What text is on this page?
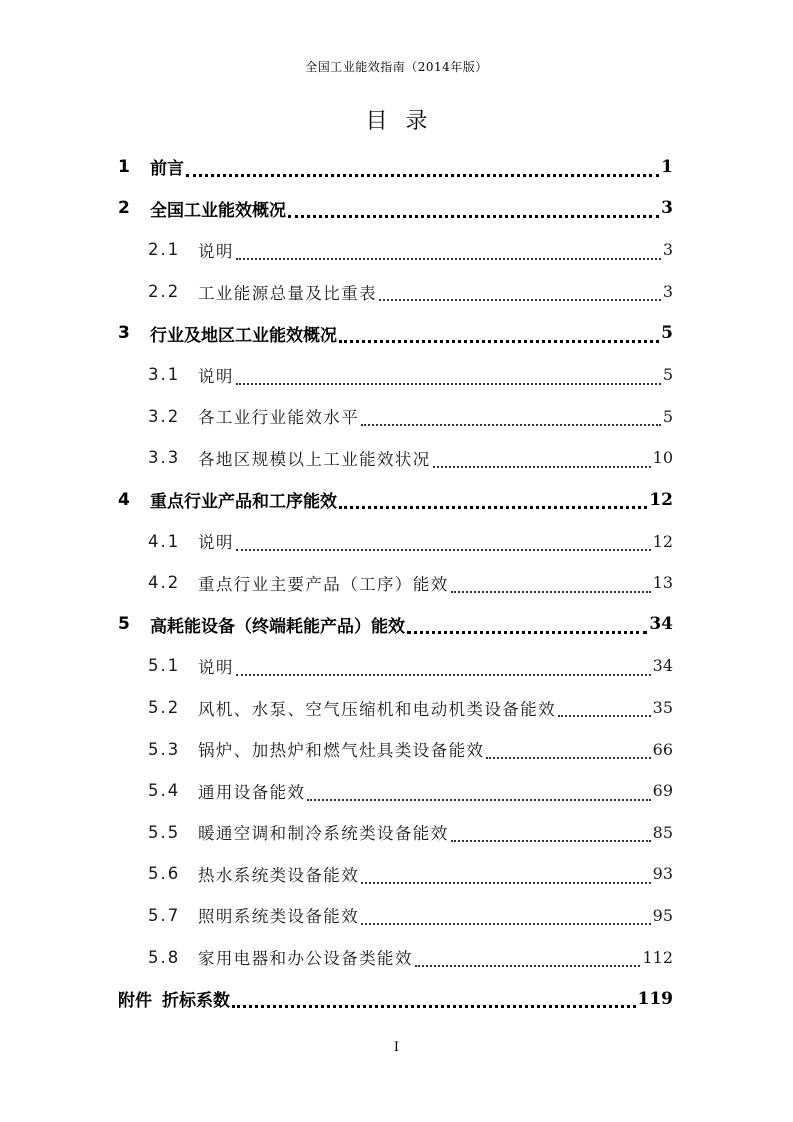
全国工业能效指南（2014年版）
目录
1	前言	1
2	全国工业能效概况	3
2.1	说明	3
2.2	工业能源总量及比重表	3
3	行业及地区工业能效概况	5
3.1	说明	5
3.2	各工业行业能效水平	5
3.3	各地区规模以上工业能效状况	10
4	重点行业产品和工序能效	12
4.1	说明	12
4.2	重点行业主要产品（工序）能效	13
5	高耗能设备（终端耗能产品）能效	34
5.1	说明	34
5.2	风机、水泵、空气压缩机和电动机类设备能效	35
5.3	锅炉、加热炉和燃气灶具类设备能效	66
5.4	通用设备能效	69
5.5	暖通空调和制冷系统类设备能效	85
5.6	热水系统类设备能效	93
5.7	照明系统类设备能效	95
5.8	家用电器和办公设备类能效	112
附件 折标系数	119
I
